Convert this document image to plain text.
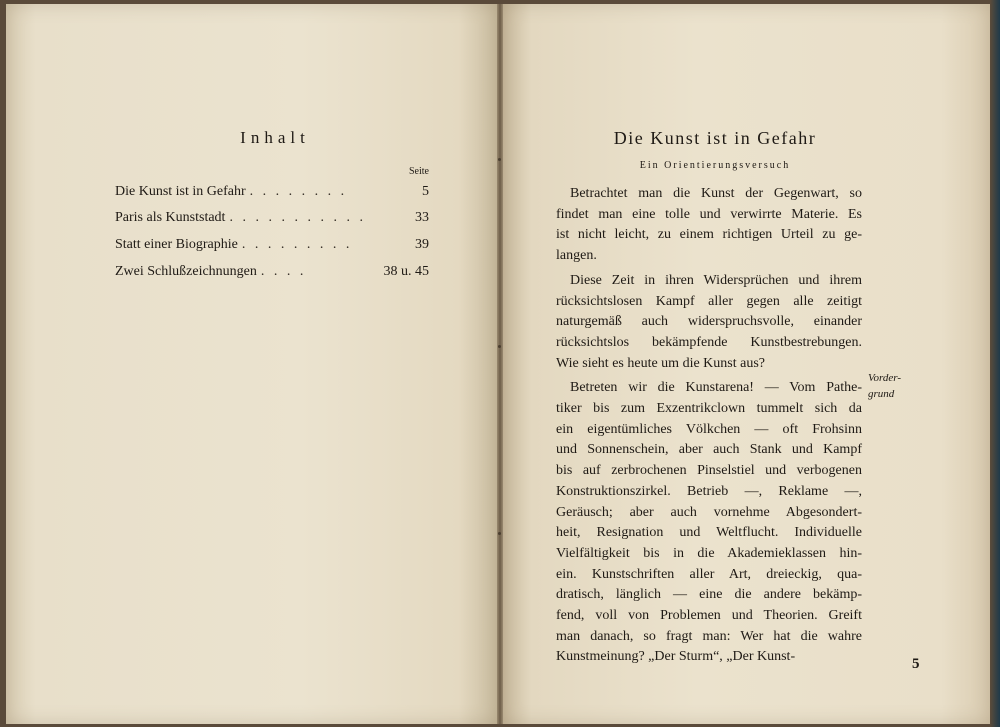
Inhalt
Seite
Die Kunst ist in Gefahr . . . . . . . .	5
Paris als Kunststadt . . . . . . . . . . .	33
Statt einer Biographie . . . . . . . . .	39
Zwei Schlußzeichnungen . . . .	38 u. 45
Die Kunst ist in Gefahr
Ein Orientierungsversuch
Betrachtet man die Kunst der Gegenwart, so
findet man eine tolle und verwirrte Materie. Es
ist nicht leicht, zu einem richtigen Urteil zu ge-
langen.
Diese Zeit in ihren Widersprüchen und ihrem
rücksichtslosen Kampf aller gegen alle zeitigt
naturgemäß auch widerspruchsvolle, einander
rücksichtslos bekämpfende Kunstbestrebungen.
Wie sieht es heute um die Kunst aus?
Betreten wir die Kunstarena! — Vom Pathe-
tiker bis zum Exzentrikclown tummelt sich da
ein eigentümliches Völkchen — oft Frohsinn
und Sonnenschein, aber auch Stank und Kampf
bis auf zerbrochenen Pinselstiel und verbogenen
Konstruktionszirkel. Betrieb —, Reklame —,
Geräusch; aber auch vornehme Abgesondert-
heit, Resignation und Weltflucht. Individuelle
Vielfältigkeit bis in die Akademieklassen hin-
ein. Kunstschriften aller Art, dreieckig, qua-
dratisch, länglich — eine die andere bekämp-
fend, voll von Problemen und Theorien. Greift
man danach, so fragt man: Wer hat die wahre
Kunstmeinung? „Der Sturm“, „Der Kunst-
Vorder-
grund
5
